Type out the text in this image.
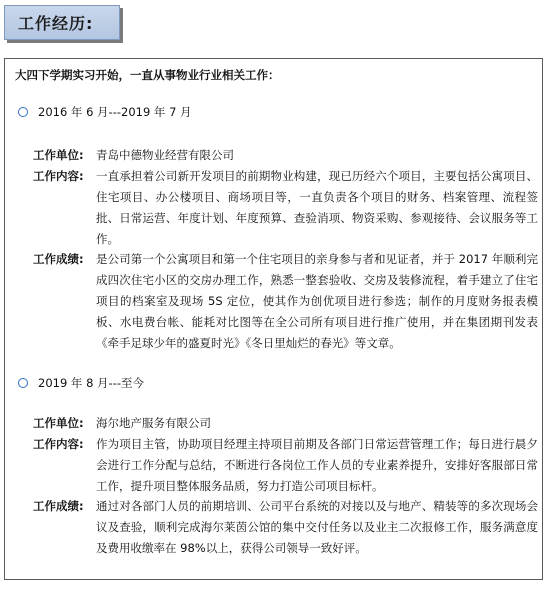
工作经历:
大四下学期实习开始，一直从事物业行业相关工作：
2016 年 6 月---2019 年 7 月
工作单位:	青岛中德物业经营有限公司
工作内容:	一直承担着公司新开发项目的前期物业构建，现已历经六个项目，主要包括公寓项目、住宅项目、办公楼项目、商场项目等，一直负责各个项目的财务、档案管理、流程签批、日常运营、年度计划、年度预算、查验消项、物资采购、参观接待、会议服务等工作。
工作成绩:	是公司第一个公寓项目和第一个住宅项目的亲身参与者和见证者，并于 2017 年顺利完成四次住宅小区的交房办理工作，熟悉一整套验收、交房及装修流程，着手建立了住宅项目的档案室及现场 5S 定位，使其作为创优项目进行参选；制作的月度财务报表模板、水电费台帐、能耗对比图等在全公司所有项目进行推广使用，并在集团期刊发表《牵手足球少年的盛夏时光》《冬日里灿烂的春光》等文章。
2019 年 8 月---至今
工作单位:	海尔地产服务有限公司
工作内容:	作为项目主管，协助项目经理主持项目前期及各部门日常运营管理工作；每日进行晨夕会进行工作分配与总结，不断进行各岗位工作人员的专业素养提升，安排好客服部日常工作，提升项目整体服务品质，努力打造公司项目标杆。
工作成绩:	通过对各部门人员的前期培训、公司平台系统的对接以及与地产、精装等的多次现场会议及查验，顺利完成海尔莱茵公馆的集中交付任务以及业主二次报修工作，服务满意度及费用收缴率在 98%以上，获得公司领导一致好评。
